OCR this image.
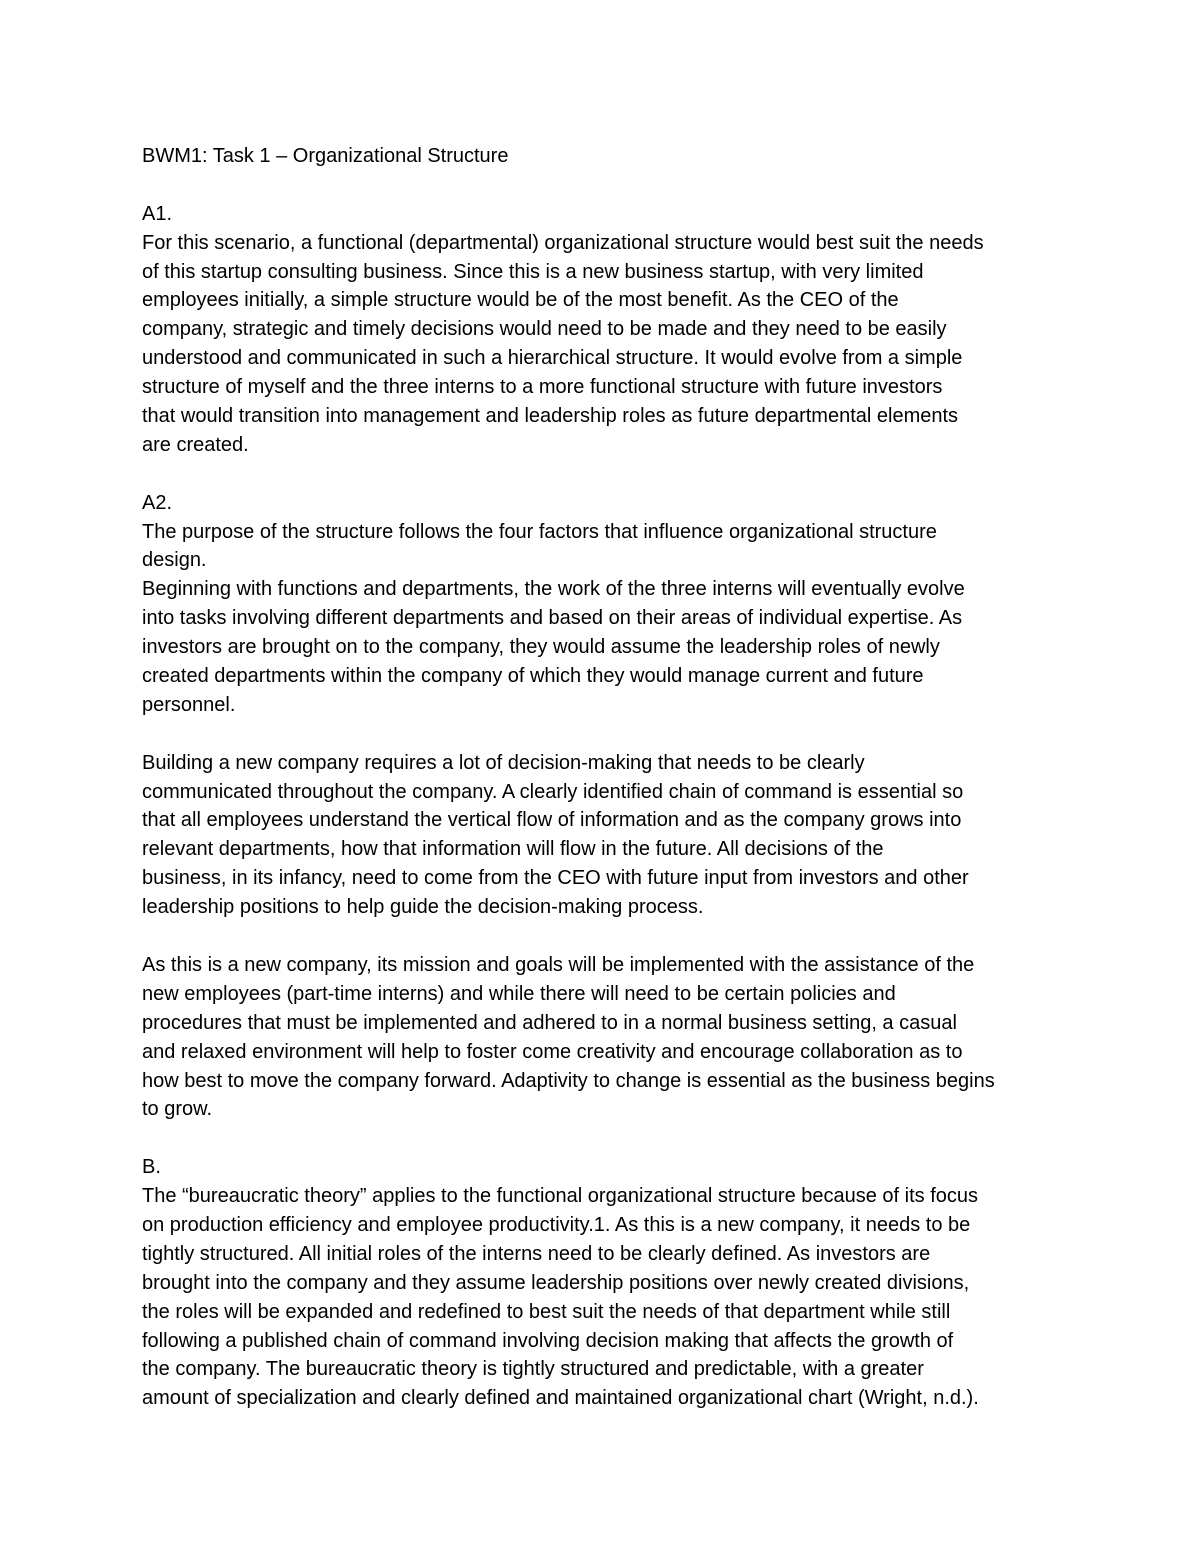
BWM1: Task 1 – Organizational Structure
A1.
For this scenario, a functional (departmental) organizational structure would best suit the needs
of this startup consulting business. Since this is a new business startup, with very limited
employees initially, a simple structure would be of the most benefit. As the CEO of the
company, strategic and timely decisions would need to be made and they need to be easily
understood and communicated in such a hierarchical structure. It would evolve from a simple
structure of myself and the three interns to a more functional structure with future investors
that would transition into management and leadership roles as future departmental elements
are created.
A2.
The purpose of the structure follows the four factors that influence organizational structure
design.
Beginning with functions and departments, the work of the three interns will eventually evolve
into tasks involving different departments and based on their areas of individual expertise. As
investors are brought on to the company, they would assume the leadership roles of newly
created departments within the company of which they would manage current and future
personnel.
Building a new company requires a lot of decision-making that needs to be clearly
communicated throughout the company. A clearly identified chain of command is essential so
that all employees understand the vertical flow of information and as the company grows into
relevant departments, how that information will flow in the future. All decisions of the
business, in its infancy, need to come from the CEO with future input from investors and other
leadership positions to help guide the decision-making process.
As this is a new company, its mission and goals will be implemented with the assistance of the
new employees (part-time interns) and while there will need to be certain policies and
procedures that must be implemented and adhered to in a normal business setting, a casual
and relaxed environment will help to foster come creativity and encourage collaboration as to
how best to move the company forward. Adaptivity to change is essential as the business begins
to grow.
B.
The “bureaucratic theory” applies to the functional organizational structure because of its focus
on production efficiency and employee productivity.1. As this is a new company, it needs to be
tightly structured. All initial roles of the interns need to be clearly defined. As investors are
brought into the company and they assume leadership positions over newly created divisions,
the roles will be expanded and redefined to best suit the needs of that department while still
following a published chain of command involving decision making that affects the growth of
the company. The bureaucratic theory is tightly structured and predictable, with a greater
amount of specialization and clearly defined and maintained organizational chart (Wright, n.d.).
